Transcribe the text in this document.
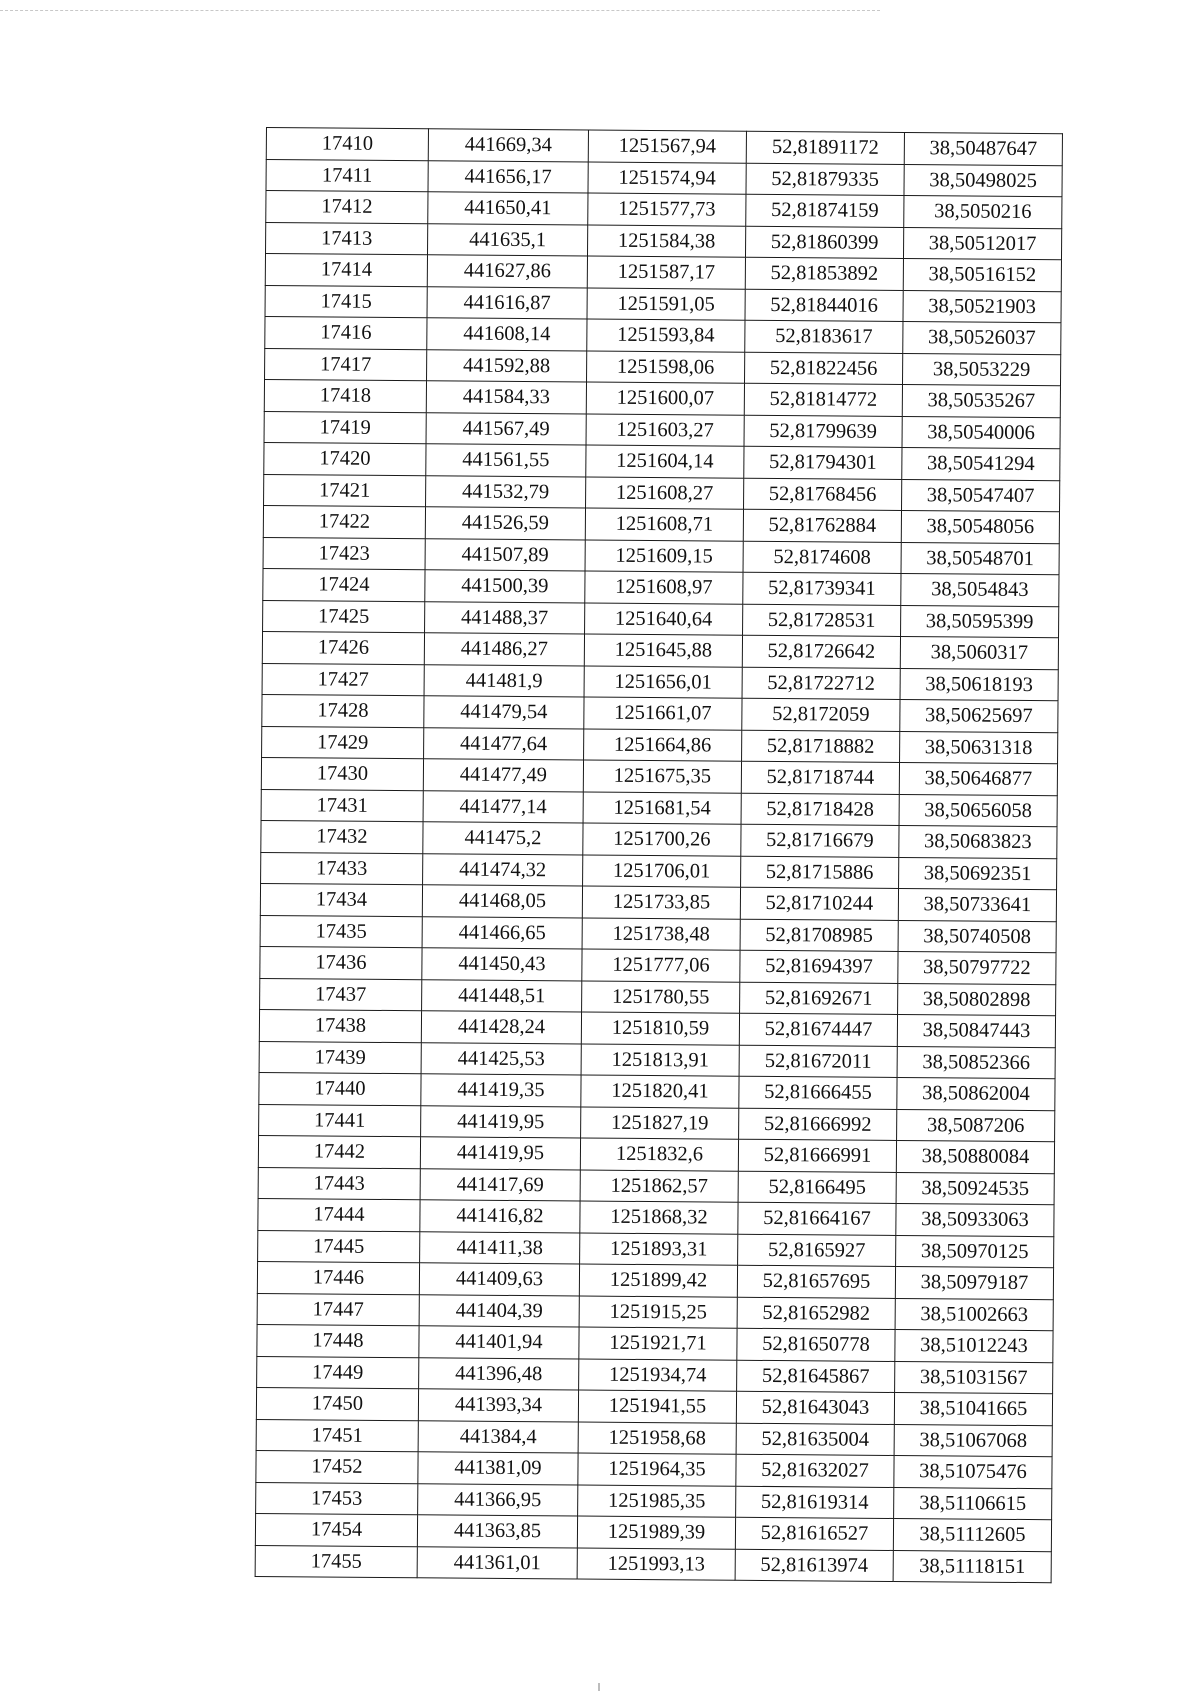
17410	441669,34	1251567,94	52,81891172	38,50487647
17411	441656,17	1251574,94	52,81879335	38,50498025
17412	441650,41	1251577,73	52,81874159	38,5050216
17413	441635,1	1251584,38	52,81860399	38,50512017
17414	441627,86	1251587,17	52,81853892	38,50516152
17415	441616,87	1251591,05	52,81844016	38,50521903
17416	441608,14	1251593,84	52,8183617	38,50526037
17417	441592,88	1251598,06	52,81822456	38,5053229
17418	441584,33	1251600,07	52,81814772	38,50535267
17419	441567,49	1251603,27	52,81799639	38,50540006
17420	441561,55	1251604,14	52,81794301	38,50541294
17421	441532,79	1251608,27	52,81768456	38,50547407
17422	441526,59	1251608,71	52,81762884	38,50548056
17423	441507,89	1251609,15	52,8174608	38,50548701
17424	441500,39	1251608,97	52,81739341	38,5054843
17425	441488,37	1251640,64	52,81728531	38,50595399
17426	441486,27	1251645,88	52,81726642	38,5060317
17427	441481,9	1251656,01	52,81722712	38,50618193
17428	441479,54	1251661,07	52,8172059	38,50625697
17429	441477,64	1251664,86	52,81718882	38,50631318
17430	441477,49	1251675,35	52,81718744	38,50646877
17431	441477,14	1251681,54	52,81718428	38,50656058
17432	441475,2	1251700,26	52,81716679	38,50683823
17433	441474,32	1251706,01	52,81715886	38,50692351
17434	441468,05	1251733,85	52,81710244	38,50733641
17435	441466,65	1251738,48	52,81708985	38,50740508
17436	441450,43	1251777,06	52,81694397	38,50797722
17437	441448,51	1251780,55	52,81692671	38,50802898
17438	441428,24	1251810,59	52,81674447	38,50847443
17439	441425,53	1251813,91	52,81672011	38,50852366
17440	441419,35	1251820,41	52,81666455	38,50862004
17441	441419,95	1251827,19	52,81666992	38,5087206
17442	441419,95	1251832,6	52,81666991	38,50880084
17443	441417,69	1251862,57	52,8166495	38,50924535
17444	441416,82	1251868,32	52,81664167	38,50933063
17445	441411,38	1251893,31	52,8165927	38,50970125
17446	441409,63	1251899,42	52,81657695	38,50979187
17447	441404,39	1251915,25	52,81652982	38,51002663
17448	441401,94	1251921,71	52,81650778	38,51012243
17449	441396,48	1251934,74	52,81645867	38,51031567
17450	441393,34	1251941,55	52,81643043	38,51041665
17451	441384,4	1251958,68	52,81635004	38,51067068
17452	441381,09	1251964,35	52,81632027	38,51075476
17453	441366,95	1251985,35	52,81619314	38,51106615
17454	441363,85	1251989,39	52,81616527	38,51112605
17455	441361,01	1251993,13	52,81613974	38,51118151
